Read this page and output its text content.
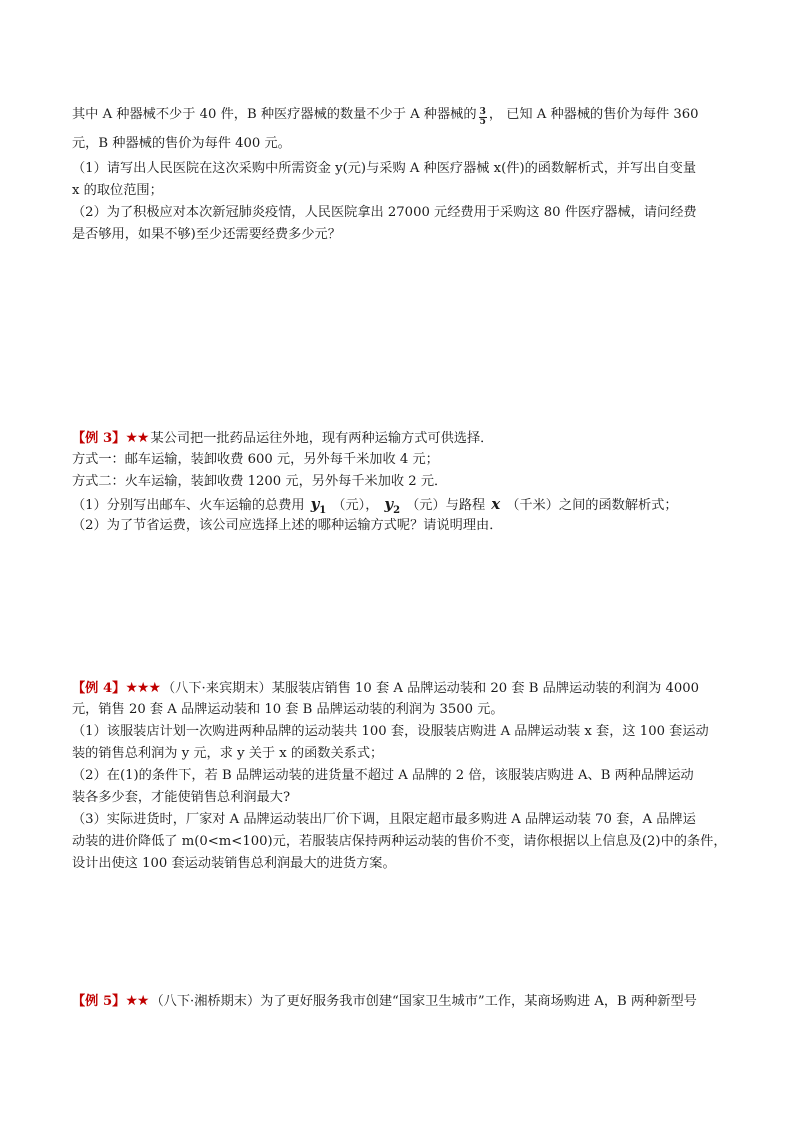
其中 A 种器械不少于 40 件，B 种医疗器械的数量不少于 A 种器械的 $\frac{3}{5}$ ， 已知 A 种器械的售价为每件 360
元，B 种器械的售价为每件 400 元。
（1）请写出人民医院在这次采购中所需资金 y(元)与采购 A 种医疗器械 x(件)的函数解析式，并写出自变量
x 的取位范围；
（2）为了积极应对本次新冠肺炎疫情，人民医院拿出 27000 元经费用于采购这 80 件医疗器械，请问经费
是否够用，如果不够)至少还需要经费多少元？
【例 3】★★ 某公司把一批药品运往外地，现有两种运输方式可供选择．
方式一：邮车运输，装卸收费 600 元，另外每千米加收 4 元；
方式二：火车运输，装卸收费 1200 元，另外每千米加收 2 元．
（1）分别写出邮车、火车运输的总费用 $y_1$ （元）， $y_2$ （元）与路程 x （千米）之间的函数解析式；
（2）为了节省运费，该公司应选择上述的哪种运输方式呢？请说明理由．
【例 4】★★★ （八下·来宾期末）某服装店销售 10 套 A 品牌运动装和 20 套 B 品牌运动装的利润为 4000
元，销售 20 套 A 品牌运动装和 10 套 B 品牌运动装的利润为 3500 元。
（1）该服装店计划一次购进两种品牌的运动装共 100 套，设服装店购进 A 品牌运动装 x 套，这 100 套运动
装的销售总利润为 y 元，求 y 关于 x 的函数关系式；
（2）在(1)的条件下，若 B 品牌运动装的进货量不超过 A 品牌的 2 倍，该服装店购进 A、B 两种品牌运动
装各多少套，才能使销售总利润最大?
（3）实际进货时，厂家对 A 品牌运动装出厂价下调，且限定超市最多购进 A 品牌运动装 70 套，A 品牌运
动装的进价降低了 m(0<m<100)元，若服装店保持两种运动装的售价不变，请你根据以上信息及(2)中的条件，
设计出使这 100 套运动装销售总利润最大的进货方案。
【例 5】★★ （八下·湘桥期末）为了更好服务我市创建“国家卫生城市”工作，某商场购进 A，B 两种新型号
